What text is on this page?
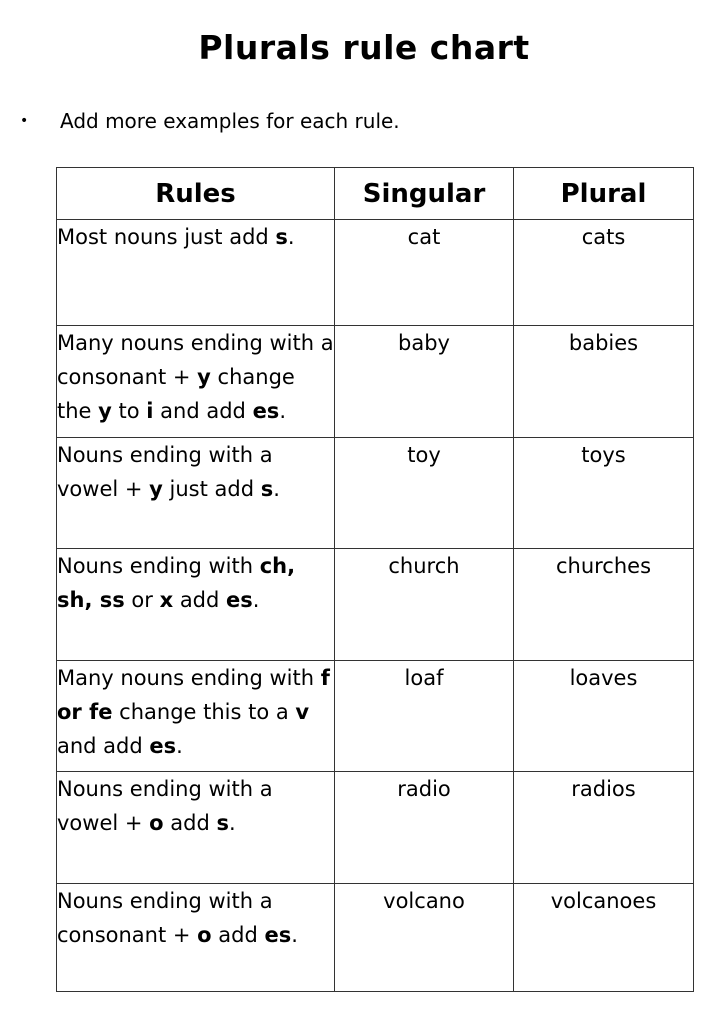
Plurals rule chart
•	Add more examples for each rule.
Rules	Singular	Plural
Most nouns just add s.	cat	cats
Many nouns ending with a consonant + y change the y to i and add es.	baby	babies
Nouns ending with a vowel + y just add s.	toy	toys
Nouns ending with ch, sh, ss or x add es.	church	churches
Many nouns ending with f or fe change this to a v and add es.	loaf	loaves
Nouns ending with a vowel + o add s.	radio	radios
Nouns ending with a consonant + o add es.	volcano	volcanoes
